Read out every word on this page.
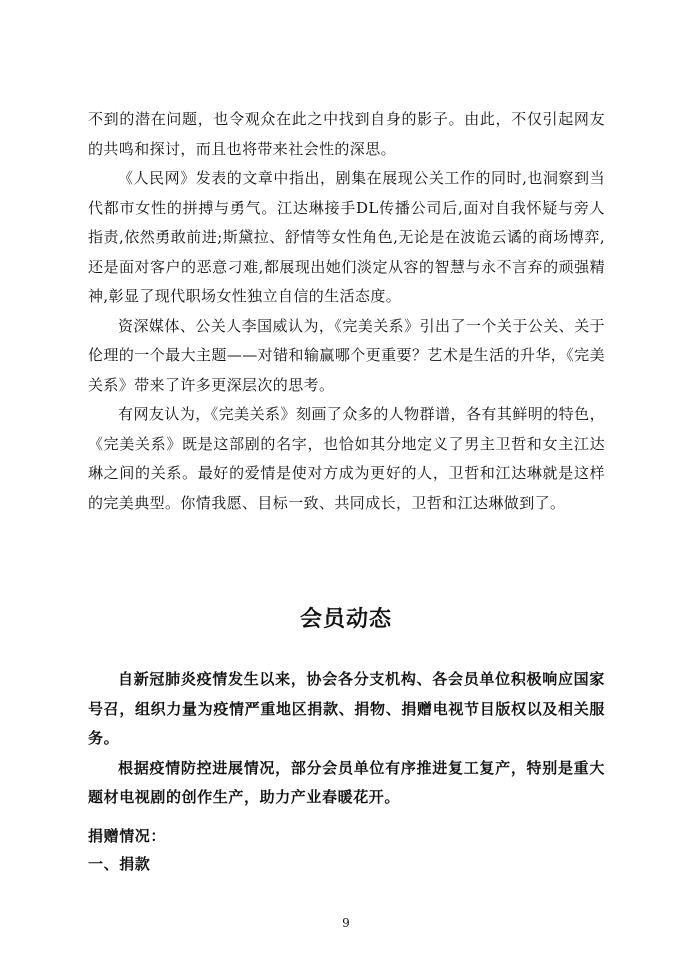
不到的潜在问题，也令观众在此之中找到自身的影子。由此，不仅引起网友的共鸣和探讨，而且也将带来社会性的深思。

《人民网》发表的文章中指出，剧集在展现公关工作的同时,也洞察到当代都市女性的拼搏与勇气。江达琳接手DL传播公司后,面对自我怀疑与旁人指责,依然勇敢前进;斯黛拉、舒情等女性角色,无论是在波诡云谲的商场博弈,还是面对客户的恶意刁难,都展现出她们淡定从容的智慧与永不言弃的顽强精神,彰显了现代职场女性独立自信的生活态度。

资深媒体、公关人李国威认为，《完美关系》引出了一个关于公关、关于伦理的一个最大主题——对错和输赢哪个更重要？艺术是生活的升华，《完美关系》带来了许多更深层次的思考。

有网友认为，《完美关系》刻画了众多的人物群谱，各有其鲜明的特色，《完美关系》既是这部剧的名字，也恰如其分地定义了男主卫哲和女主江达琳之间的关系。最好的爱情是使对方成为更好的人，卫哲和江达琳就是这样的完美典型。你情我愿、目标一致、共同成长，卫哲和江达琳做到了。

会员动态

自新冠肺炎疫情发生以来，协会各分支机构、各会员单位积极响应国家号召，组织力量为疫情严重地区捐款、捐物、捐赠电视节目版权以及相关服务。

根据疫情防控进展情况，部分会员单位有序推进复工复产，特别是重大题材电视剧的创作生产，助力产业春暖花开。

捐赠情况：
一、捐款
9
